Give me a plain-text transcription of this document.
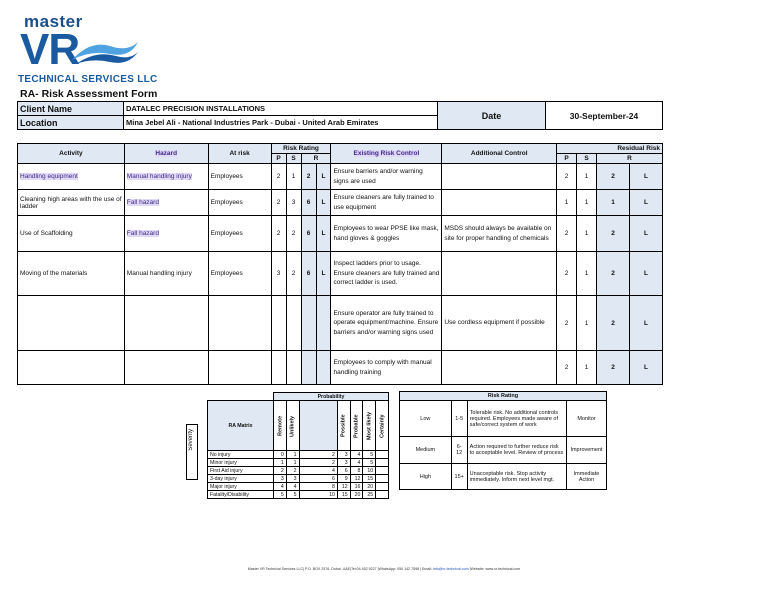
master
VR
TECHNICAL SERVICES LLC
RA- Risk Assessment Form
Client Name	DATALEC PRECISION INSTALLATIONS	Date	30-September-24
Location	Mina Jebel Ali - National Industries Park - Dubai - United Arab Emirates		
Activity	Hazard	At risk	Risk Rating				Existing Risk Control	Additional Control	Residual Risk			
			P	S	R				P	S	R	
Handling equipment	Manual handling injury	Employees	2	1	2	L	Ensure barriers and/or warning signs are used		2	1	2	L
Cleaning high areas with the use of ladder	Fall hazard	Employees	2	3	6	L	Ensure cleaners are fully trained to use equipment		1	1	1	L
Use of Scaffolding	Fall hazard	Employees	2	2	6	L	Employees to wear PPSE like mask, hand gloves & goggles	MSDS should always be available on site for proper handling of chemicals	2	1	2	L
Moving of the materials	Manual handling injury	Employees	3	2	6	L	Inspect ladders prior to usage. Ensure cleaners are fully trained and correct ladder is used.		2	1	2	L
							Ensure operator are fully trained to operate equipment/machine. Ensure barriers and/or warning signs used	Use cordless equipment if possible	2	1	2	L
							Employees to comply with manual handling training		2	1	2	L
Severity
	Probability						
RA Matrix	Remote	Unlikely		Possible	Probable	Most likely	Certainly
No injury	0	1	2	3	4	5	
Minor injury	1	1	2	3	4	5	
First Aid injury	2	2	4	6	8	10	
3-day injury	3	3	6	9	12	15	
Major injury	4	4	8	12	16	20	
Fatality/Disability	5	5	10	15	20	25	
Risk Rating			
Low	1-5	Tolerable risk. No additional controls required. Employees made aware of safe/correct system of work	Monitor
Medium	6-12	Action required to further reduce risk to acceptable level. Review of process	Improvement
High	15+	Unacceptable risk. Stop activity immediately. Inform next level mgt.	Immediate Action
Master VR Technical Services LLC| P.O. BOX 2576, Dubai, UAE|Tel:04 452 9227 |WhatsApp: 050 142 7598 | Email: info@vr-technical.com |Website: www.vr-technical.com
